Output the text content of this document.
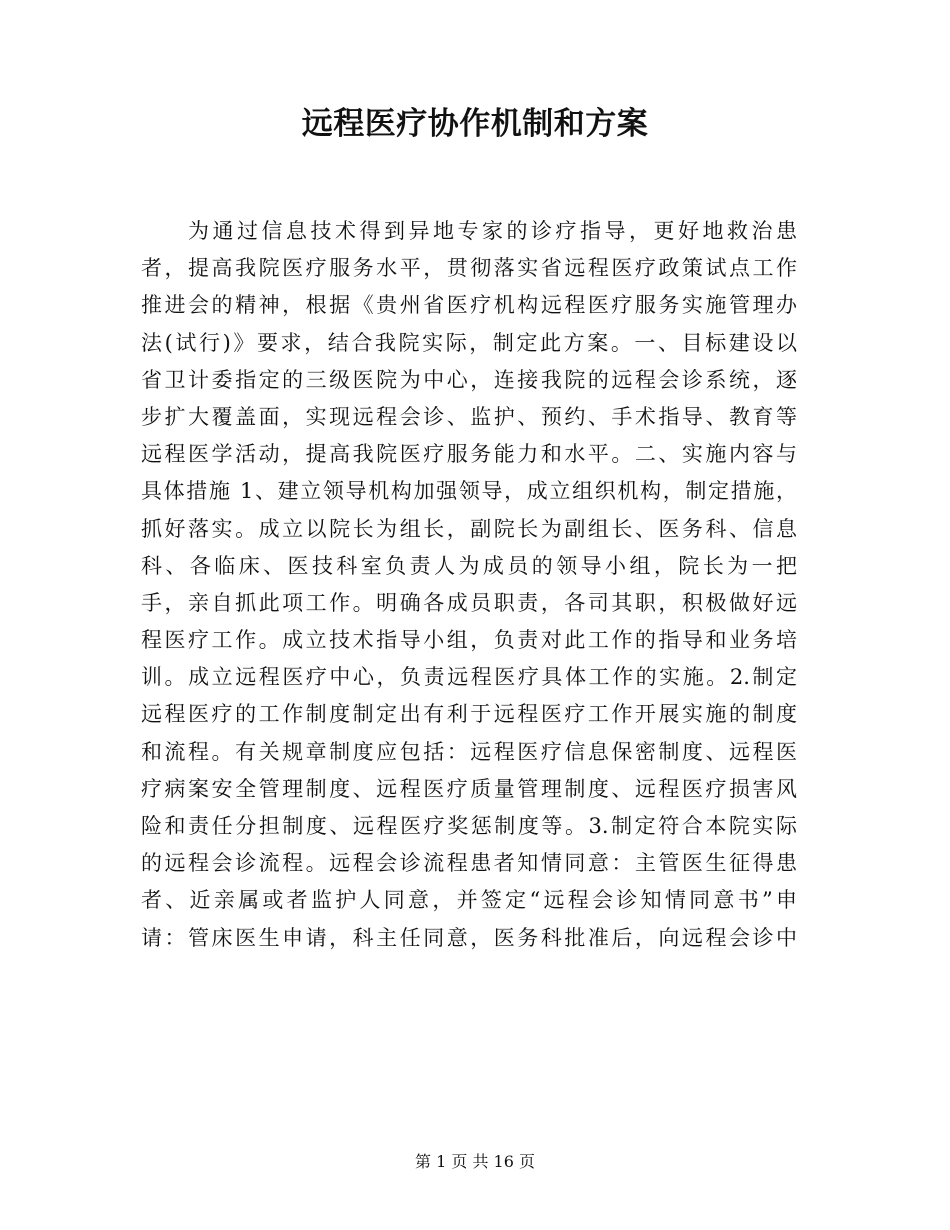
远程医疗协作机制和方案
为通过信息技术得到异地专家的诊疗指导，更好地救治患
者，提高我院医疗服务水平，贯彻落实省远程医疗政策试点工作
推进会的精神，根据《贵州省医疗机构远程医疗服务实施管理办
法(试行)》要求，结合我院实际，制定此方案。一、目标建设以
省卫计委指定的三级医院为中心，连接我院的远程会诊系统，逐
步扩大覆盖面，实现远程会诊、监护、预约、手术指导、教育等
远程医学活动，提高我院医疗服务能力和水平。二、实施内容与
具体措施 1、建立领导机构加强领导，成立组织机构，制定措施，
抓好落实。成立以院长为组长，副院长为副组长、医务科、信息
科、各临床、医技科室负责人为成员的领导小组，院长为一把
手，亲自抓此项工作。明确各成员职责，各司其职，积极做好远
程医疗工作。成立技术指导小组，负责对此工作的指导和业务培
训。成立远程医疗中心，负责远程医疗具体工作的实施。2.制定
远程医疗的工作制度制定出有利于远程医疗工作开展实施的制度
和流程。有关规章制度应包括：远程医疗信息保密制度、远程医
疗病案安全管理制度、远程医疗质量管理制度、远程医疗损害风
险和责任分担制度、远程医疗奖惩制度等。3.制定符合本院实际
的远程会诊流程。远程会诊流程患者知情同意：主管医生征得患
者、近亲属或者监护人同意，并签定“远程会诊知情同意书”申
请：管床医生申请，科主任同意，医务科批准后，向远程会诊中
第 1 页 共 16 页
